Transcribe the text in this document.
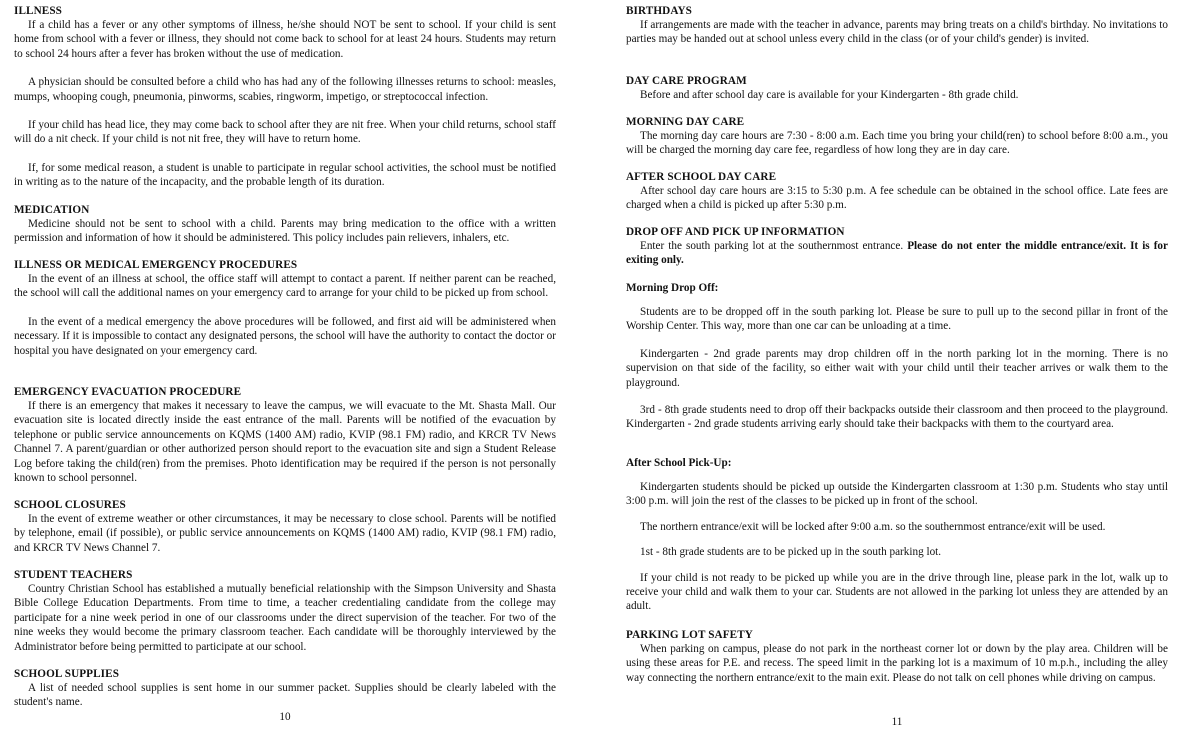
ILLNESS

If a child has a fever or any other symptoms of illness, he/she should NOT be sent to school. If your child is sent home from school with a fever or illness, they should not come back to school for at least 24 hours. Students may return to school 24 hours after a fever has broken without the use of medication.

A physician should be consulted before a child who has had any of the following illnesses returns to school: measles, mumps, whooping cough, pneumonia, pinworms, scabies, ringworm, impetigo, or streptococcal infection.

If your child has head lice, they may come back to school after they are nit free. When your child returns, school staff will do a nit check. If your child is not nit free, they will have to return home.

If, for some medical reason, a student is unable to participate in regular school activities, the school must be notified in writing as to the nature of the incapacity, and the probable length of its duration.

MEDICATION

Medicine should not be sent to school with a child. Parents may bring medication to the office with a written permission and information of how it should be administered. This policy includes pain relievers, inhalers, etc.

ILLNESS OR MEDICAL EMERGENCY PROCEDURES

In the event of an illness at school, the office staff will attempt to contact a parent. If neither parent can be reached, the school will call the additional names on your emergency card to arrange for your child to be picked up from school.

In the event of a medical emergency the above procedures will be followed, and first aid will be administered when necessary. If it is impossible to contact any designated persons, the school will have the authority to contact the doctor or hospital you have designated on your emergency card.

EMERGENCY EVACUATION PROCEDURE

If there is an emergency that makes it necessary to leave the campus, we will evacuate to the Mt. Shasta Mall. Our evacuation site is located directly inside the east entrance of the mall. Parents will be notified of the evacuation by telephone or public service announcements on KQMS (1400 AM) radio, KVIP (98.1 FM) radio, and KRCR TV News Channel 7. A parent/guardian or other authorized person should report to the evacuation site and sign a Student Release Log before taking the child(ren) from the premises. Photo identification may be required if the person is not personally known to school personnel.

SCHOOL CLOSURES

In the event of extreme weather or other circumstances, it may be necessary to close school. Parents will be notified by telephone, email (if possible), or public service announcements on KQMS (1400 AM) radio, KVIP (98.1 FM) radio, and KRCR TV News Channel 7.

STUDENT TEACHERS

Country Christian School has established a mutually beneficial relationship with the Simpson University and Shasta Bible College Education Departments. From time to time, a teacher credentialing candidate from the college may participate for a nine week period in one of our classrooms under the direct supervision of the teacher. For two of the nine weeks they would become the primary classroom teacher. Each candidate will be thoroughly interviewed by the Administrator before being permitted to participate at our school.

SCHOOL SUPPLIES

A list of needed school supplies is sent home in our summer packet. Supplies should be clearly labeled with the student's name.

10
BIRTHDAYS

If arrangements are made with the teacher in advance, parents may bring treats on a child's birthday. No invitations to parties may be handed out at school unless every child in the class (or of your child's gender) is invited.

DAY CARE PROGRAM

Before and after school day care is available for your Kindergarten - 8th grade child.

MORNING DAY CARE

The morning day care hours are 7:30 - 8:00 a.m. Each time you bring your child(ren) to school before 8:00 a.m., you will be charged the morning day care fee, regardless of how long they are in day care.

AFTER SCHOOL DAY CARE

After school day care hours are 3:15 to 5:30 p.m. A fee schedule can be obtained in the school office. Late fees are charged when a child is picked up after 5:30 p.m.

DROP OFF AND PICK UP INFORMATION

Enter the south parking lot at the southernmost entrance. Please do not enter the middle entrance/exit. It is for exiting only.

Morning Drop Off:

Students are to be dropped off in the south parking lot. Please be sure to pull up to the second pillar in front of the Worship Center. This way, more than one car can be unloading at a time.

Kindergarten - 2nd grade parents may drop children off in the north parking lot in the morning. There is no supervision on that side of the facility, so either wait with your child until their teacher arrives or walk them to the playground.

3rd - 8th grade students need to drop off their backpacks outside their classroom and then proceed to the playground. Kindergarten - 2nd grade students arriving early should take their backpacks with them to the courtyard area.

After School Pick-Up:

Kindergarten students should be picked up outside the Kindergarten classroom at 1:30 p.m. Students who stay until 3:00 p.m. will join the rest of the classes to be picked up in front of the school.

The northern entrance/exit will be locked after 9:00 a.m. so the southernmost entrance/exit will be used.

1st - 8th grade students are to be picked up in the south parking lot.

If your child is not ready to be picked up while you are in the drive through line, please park in the lot, walk up to receive your child and walk them to your car. Students are not allowed in the parking lot unless they are attended by an adult.

PARKING LOT SAFETY

When parking on campus, please do not park in the northeast corner lot or down by the play area. Children will be using these areas for P.E. and recess. The speed limit in the parking lot is a maximum of 10 m.p.h., including the alley way connecting the northern entrance/exit to the main exit. Please do not talk on cell phones while driving on campus.

11
